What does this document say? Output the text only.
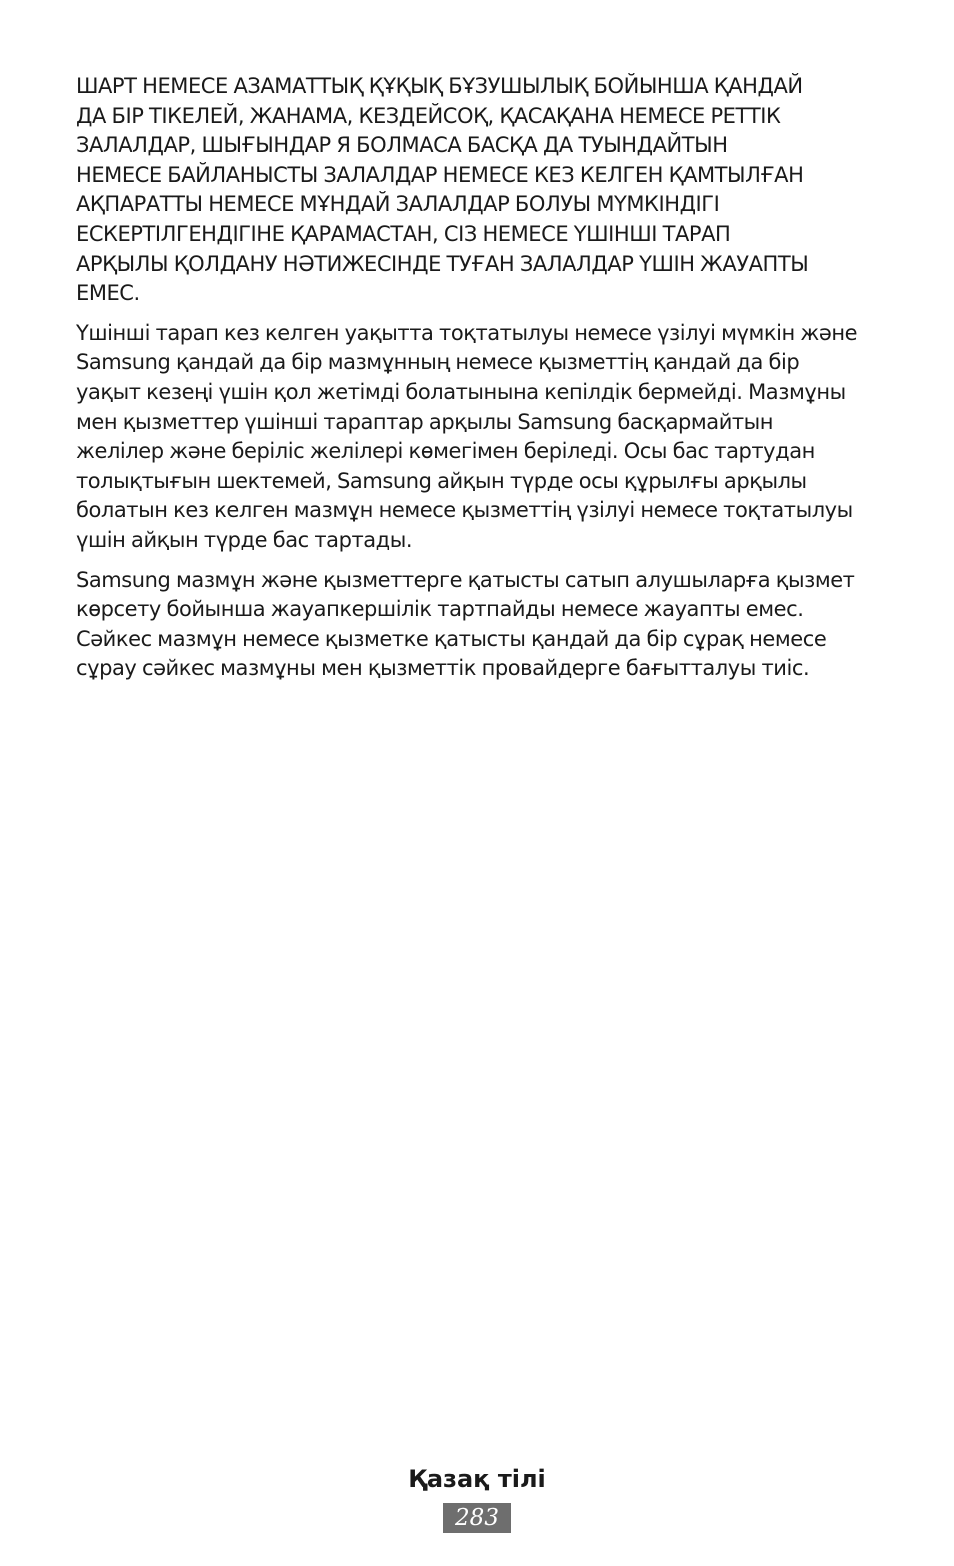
ШАРТ НЕМЕСЕ АЗАМАТТЫҚ ҚҰҚЫҚ БҰЗУШЫЛЫҚ БОЙЫНША ҚАНДАЙ
ДА БІР ТІКЕЛЕЙ, ЖАНАМА, КЕЗДЕЙСОҚ, ҚАСАҚАНА НЕМЕСЕ РЕТТІК
ЗАЛАЛДАР, ШЫҒЫНДАР Я БОЛМАСА БАСҚА ДА ТУЫНДАЙТЫН
НЕМЕСЕ БАЙЛАНЫСТЫ ЗАЛАЛДАР НЕМЕСЕ КЕЗ КЕЛГЕН ҚАМТЫЛҒАН
АҚПАРАТТЫ НЕМЕСЕ МҰНДАЙ ЗАЛАЛДАР БОЛУЫ МҮМКІНДІГІ
ЕСКЕРТІЛГЕНДІГІНЕ ҚАРАМАСТАН, СІЗ НЕМЕСЕ ҮШІНШІ ТАРАП
АРҚЫЛЫ ҚОЛДАНУ НӘТИЖЕСІНДЕ ТУҒАН ЗАЛАЛДАР ҮШІН ЖАУАПТЫ
ЕМЕС.

Үшінші тарап кез келген уақытта тоқтатылуы немесе үзілуі мүмкін және
Samsung қандай да бір мазмұнның немесе қызметтің қандай да бір
уақыт кезеңі үшін қол жетімді болатынына кепілдік бермейді. Мазмұны
мен қызметтер үшінші тараптар арқылы Samsung басқармайтын
желілер және беріліс желілері көмегімен беріледі. Осы бас тартудан
толықтығын шектемей, Samsung айқын түрде осы құрылғы арқылы
болатын кез келген мазмұн немесе қызметтің үзілуі немесе тоқтатылуы
үшін айқын түрде бас тартады.

Samsung мазмұн және қызметтерге қатысты сатып алушыларға қызмет
көрсету бойынша жауапкершілік тартпайды немесе жауапты емес.
Сәйкес мазмұн немесе қызметке қатысты қандай да бір сұрақ немесе
сұрау сәйкес мазмұны мен қызметтік провайдерге бағытталуы тиіс.

Қазақ тілі
283
